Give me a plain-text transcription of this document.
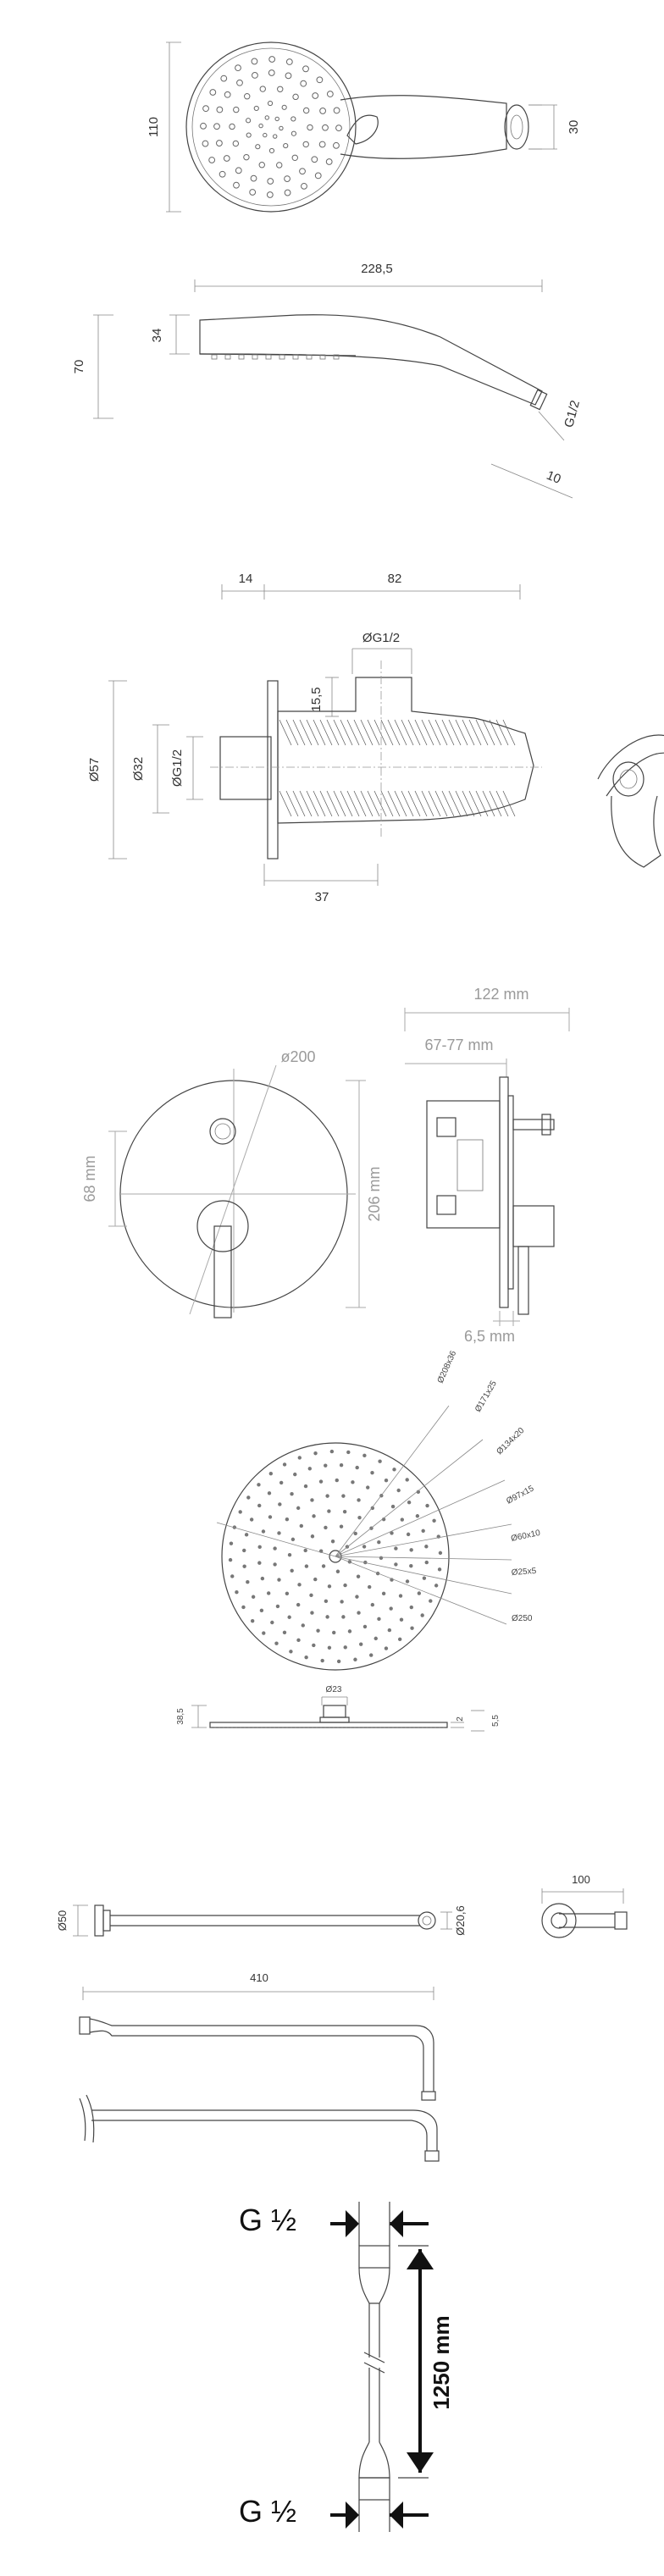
110	30
228,5
G1/2
10
34
70
14	82
ØG1/2
15,5
37
Ø57 Ø32 ØG1/2
ø200
68 mm	206 mm
122 mm
67-77 mm
6,5 mm
Ø208x36
Ø171x25
Ø134x20
Ø97x15
Ø60x10
Ø25x5
Ø250
Ø23
38,5	2	5,5
Ø50	Ø20,6
100
410
G ½
1250 mm
G ½
